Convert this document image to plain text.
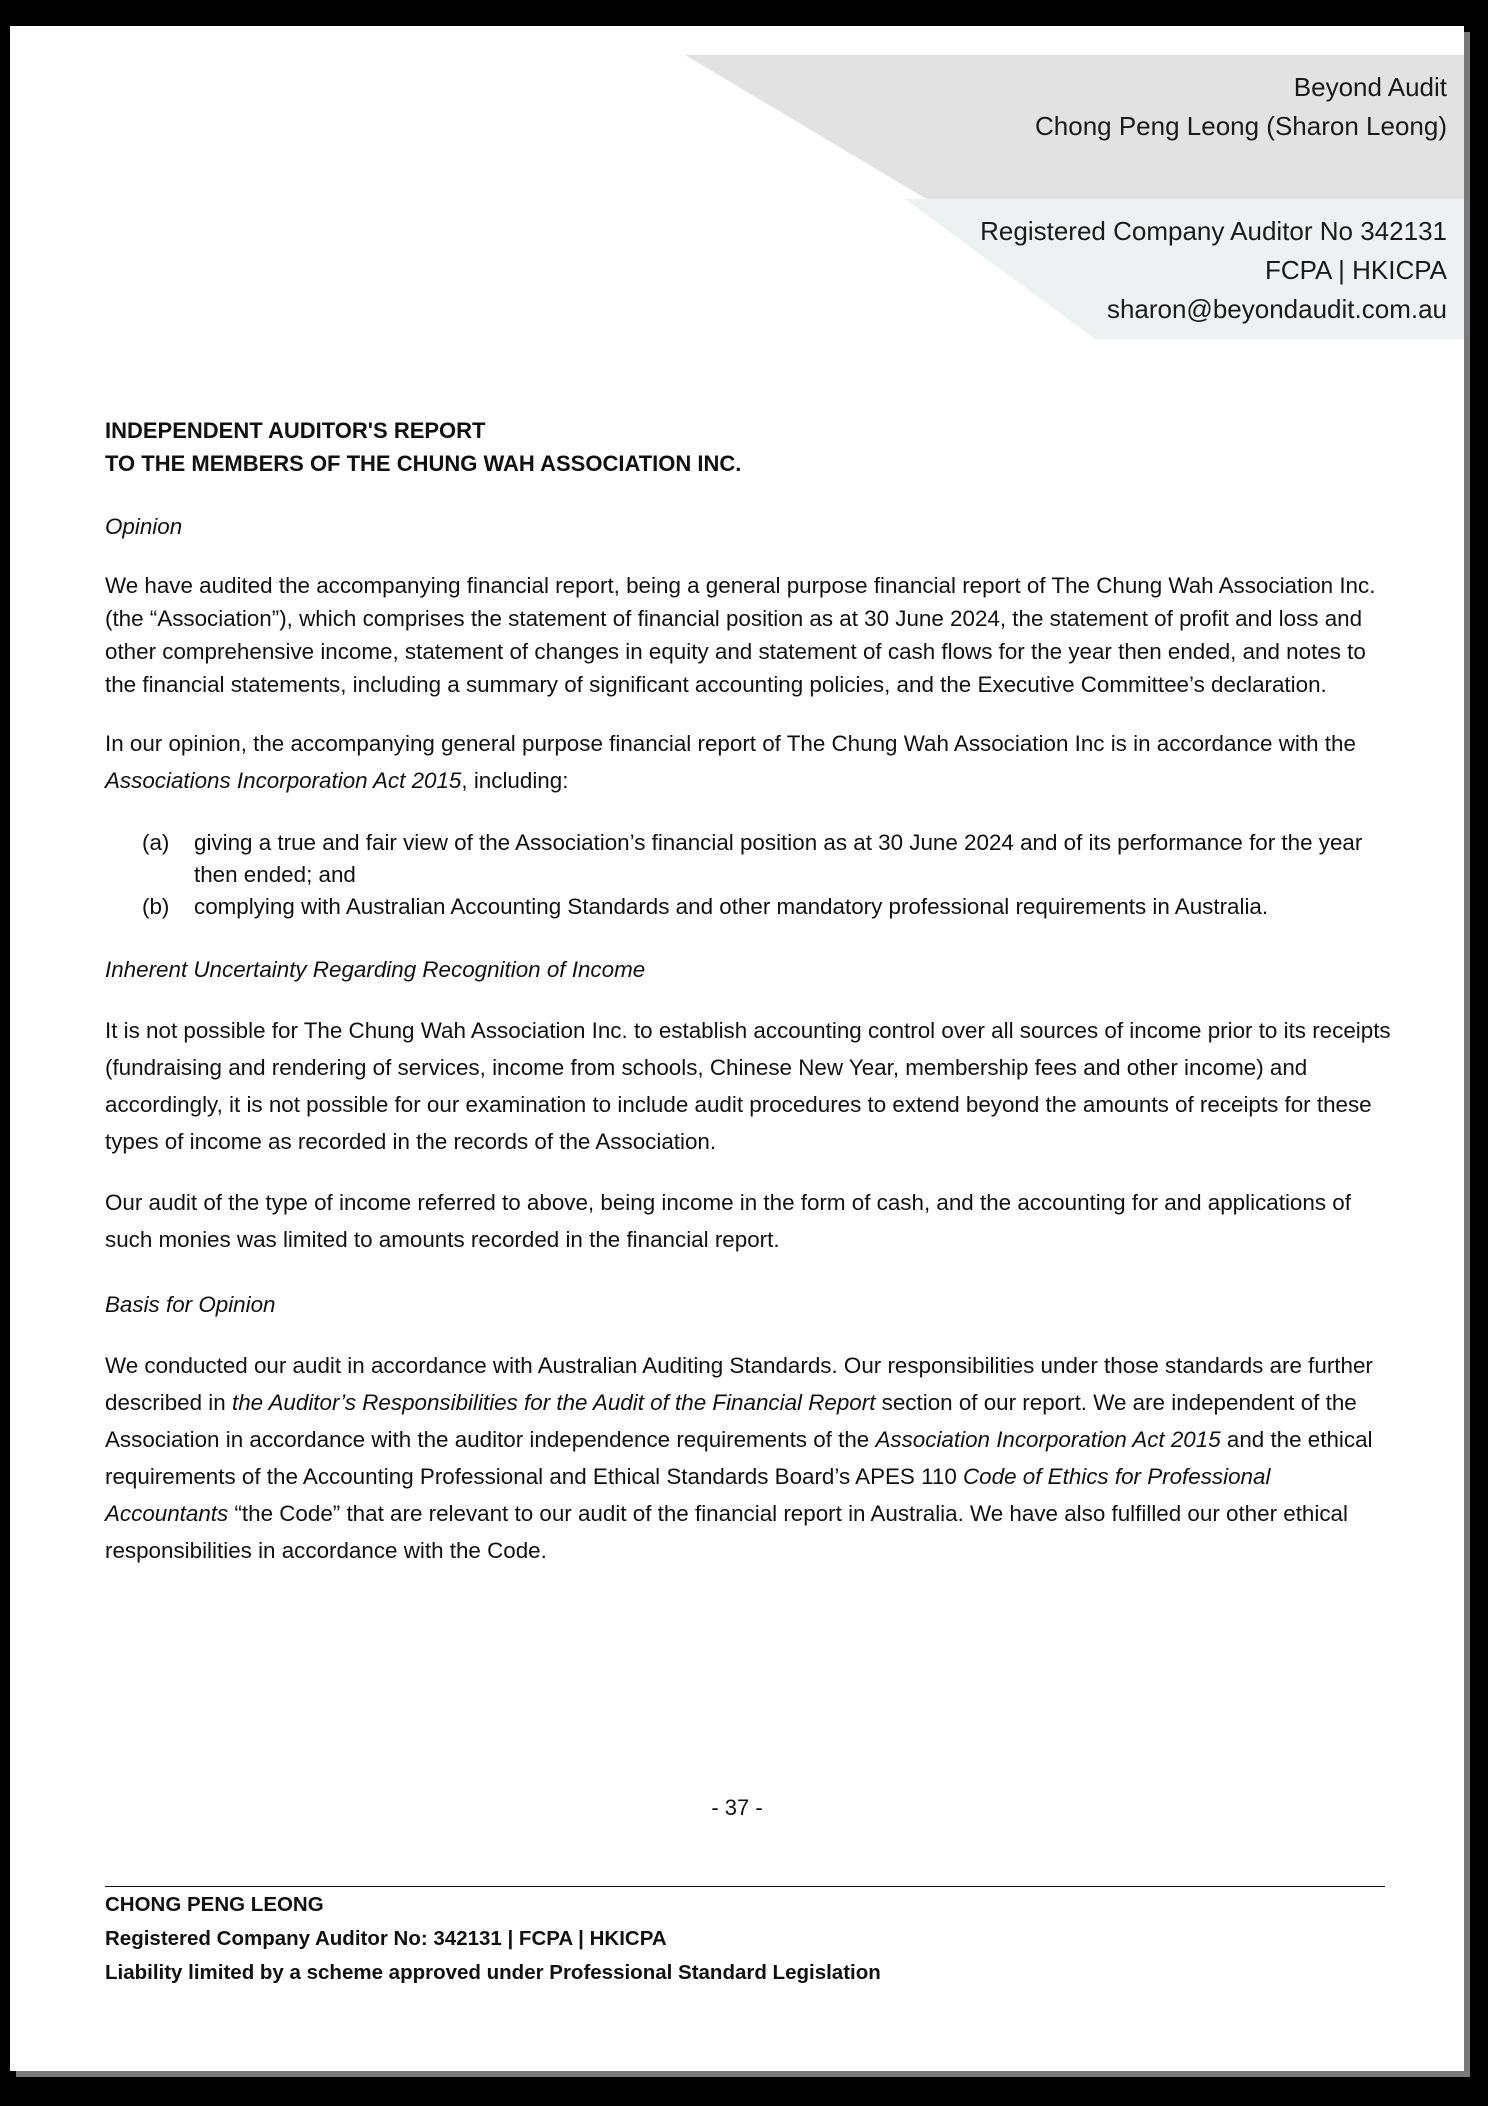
Beyond Audit
Chong Peng Leong (Sharon Leong)
Registered Company Auditor No 342131
FCPA | HKICPA
sharon@beyondaudit.com.au
INDEPENDENT AUDITOR'S REPORT
TO THE MEMBERS OF THE CHUNG WAH ASSOCIATION INC.
Opinion
We have audited the accompanying financial report, being a general purpose financial report of The Chung Wah Association Inc. (the “Association”), which comprises the statement of financial position as at 30 June 2024, the statement of profit and loss and other comprehensive income, statement of changes in equity and statement of cash flows for the year then ended, and notes to the financial statements, including a summary of significant accounting policies, and the Executive Committee’s declaration.
In our opinion, the accompanying general purpose financial report of The Chung Wah Association Inc is in accordance with the Associations Incorporation Act 2015, including:
(a)	giving a true and fair view of the Association’s financial position as at 30 June 2024 and of its performance for the year then ended; and
(b)	complying with Australian Accounting Standards and other mandatory professional requirements in Australia.
Inherent Uncertainty Regarding Recognition of Income
It is not possible for The Chung Wah Association Inc. to establish accounting control over all sources of income prior to its receipts (fundraising and rendering of services, income from schools, Chinese New Year, membership fees and other income) and accordingly, it is not possible for our examination to include audit procedures to extend beyond the amounts of receipts for these types of income as recorded in the records of the Association.
Our audit of the type of income referred to above, being income in the form of cash, and the accounting for and applications of such monies was limited to amounts recorded in the financial report.
Basis for Opinion
We conducted our audit in accordance with Australian Auditing Standards. Our responsibilities under those standards are further described in the Auditor’s Responsibilities for the Audit of the Financial Report section of our report. We are independent of the Association in accordance with the auditor independence requirements of the Association Incorporation Act 2015 and the ethical requirements of the Accounting Professional and Ethical Standards Board’s APES 110 Code of Ethics for Professional Accountants “the Code” that are relevant to our audit of the financial report in Australia. We have also fulfilled our other ethical responsibilities in accordance with the Code.
- 37 -
CHONG PENG LEONG
Registered Company Auditor No: 342131 | FCPA | HKICPA
Liability limited by a scheme approved under Professional Standard Legislation
